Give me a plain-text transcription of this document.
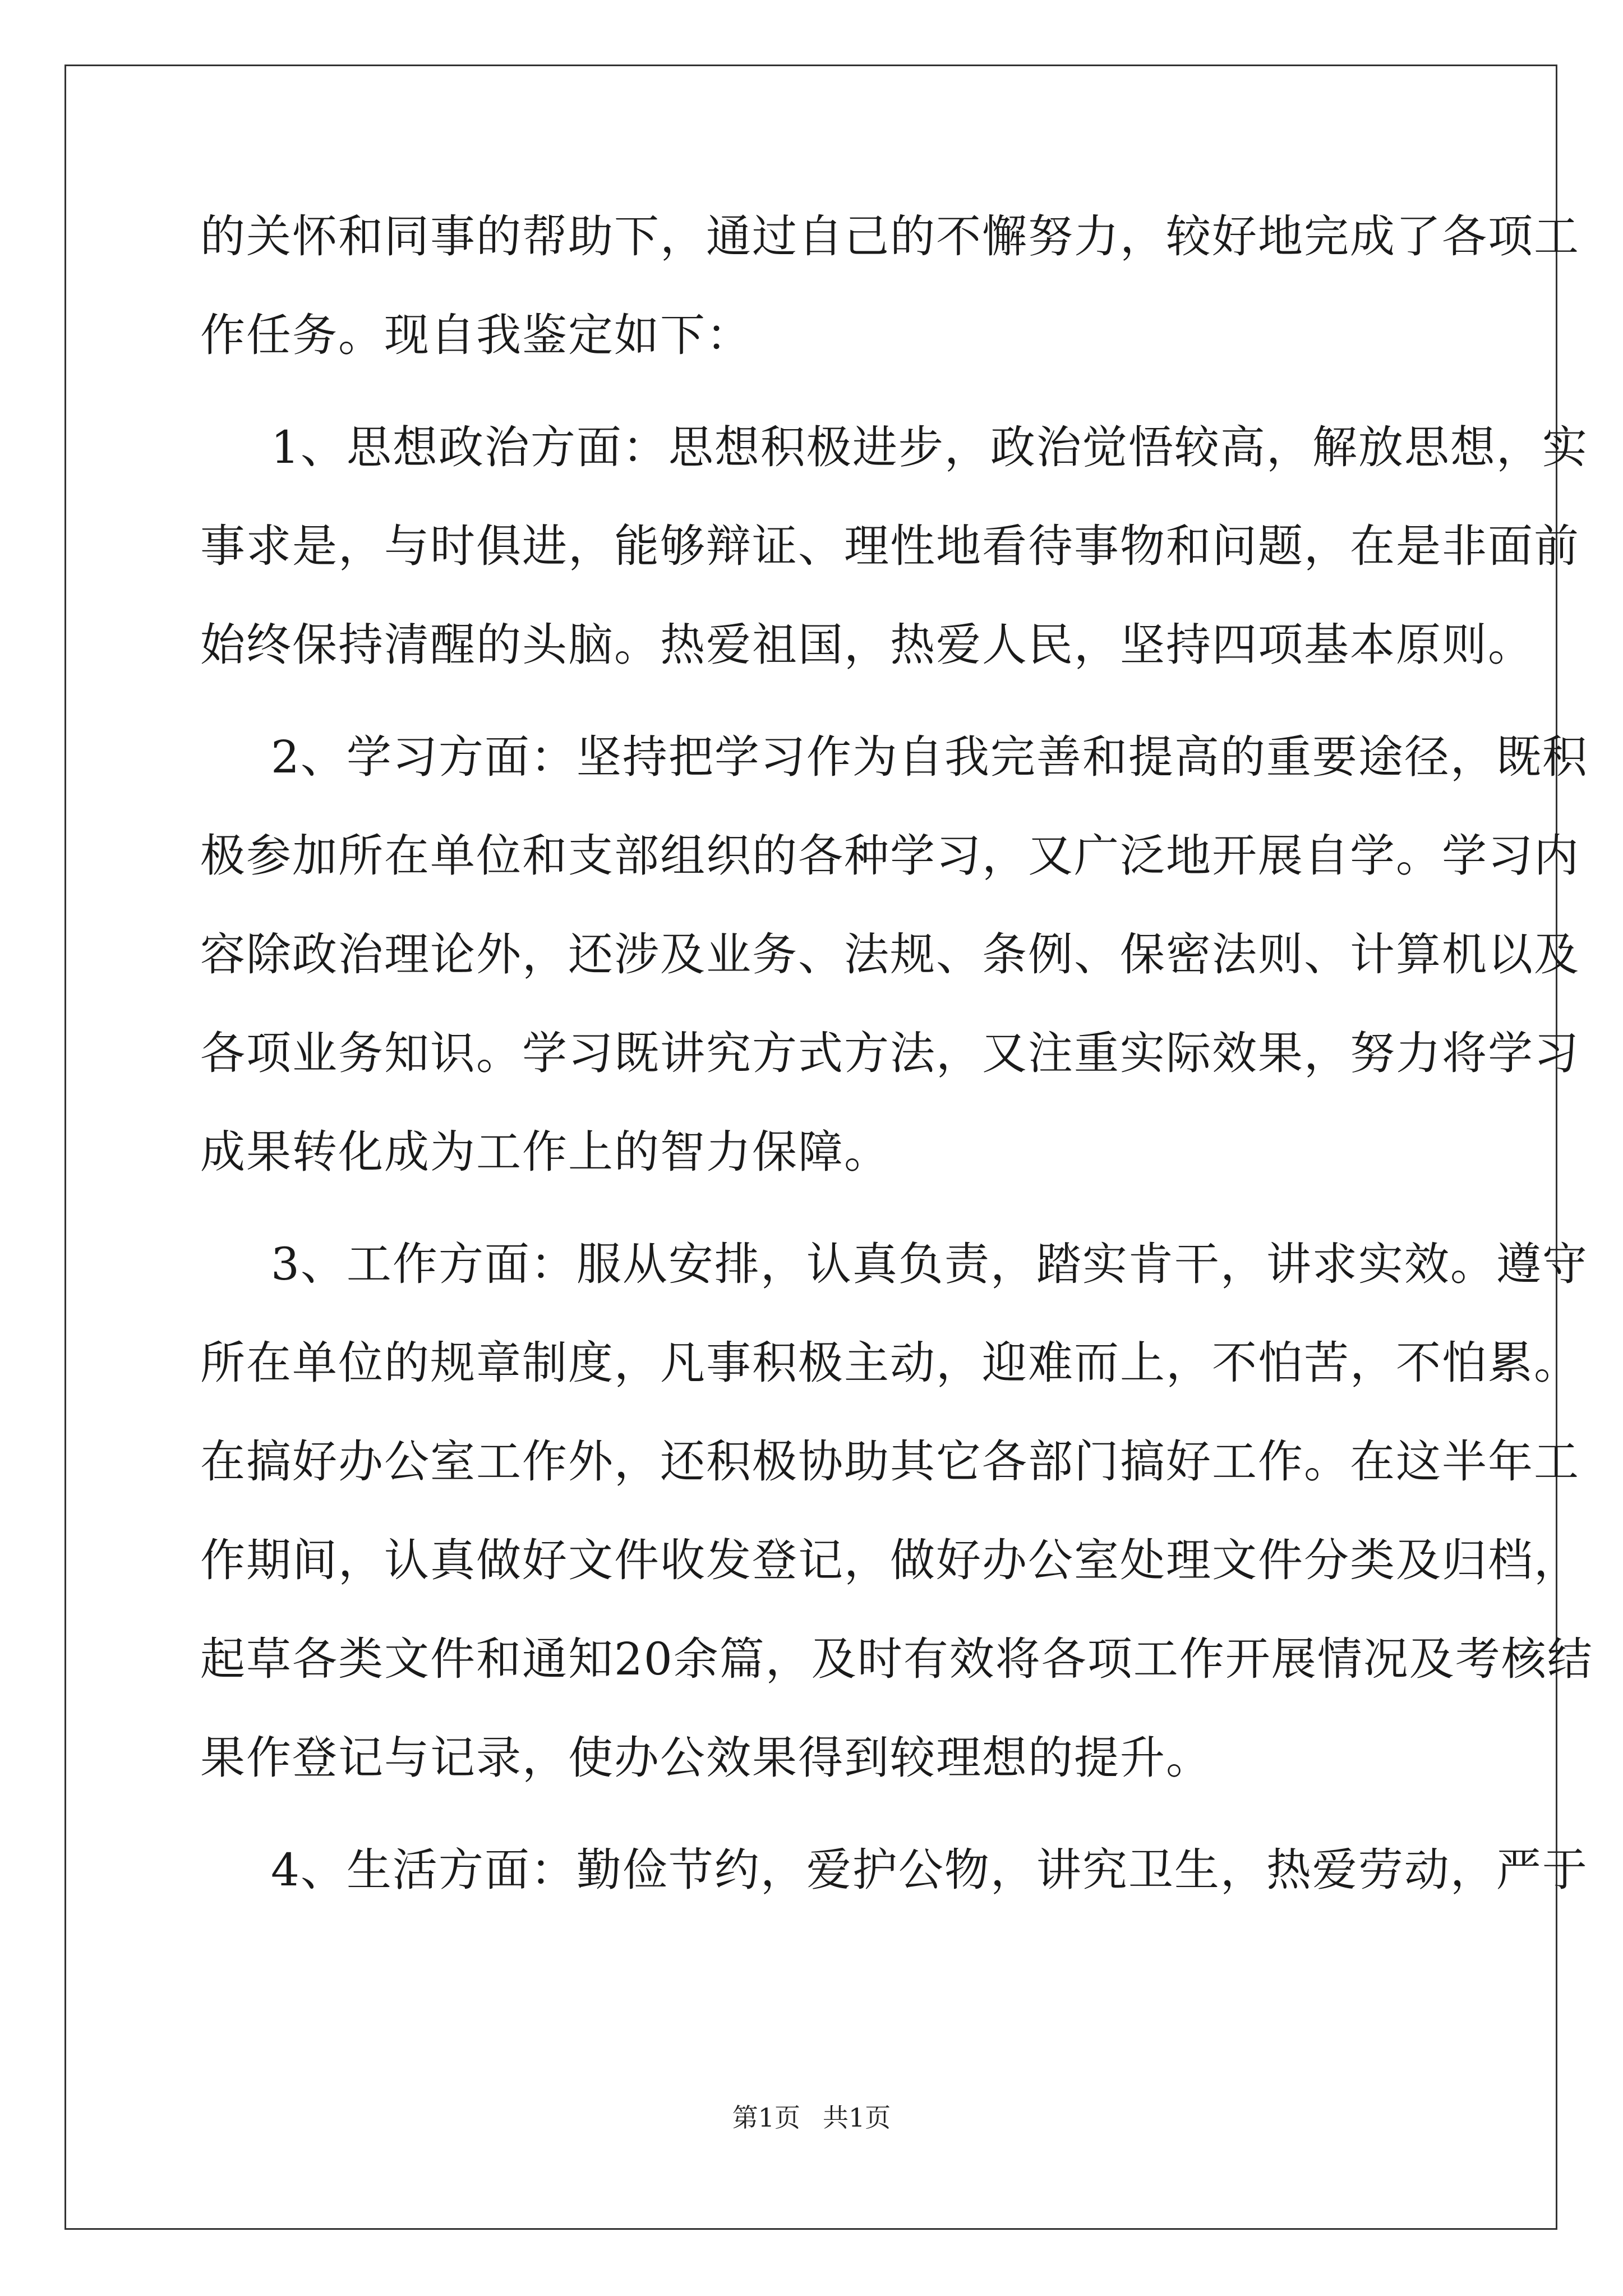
的关怀和同事的帮助下，通过自己的不懈努力，较好地完成了各项工
作任务。现自我鉴定如下：
1、思想政治方面：思想积极进步，政治觉悟较高，解放思想，实
事求是，与时俱进，能够辩证、理性地看待事物和问题，在是非面前
始终保持清醒的头脑。热爱祖国，热爱人民，坚持四项基本原则。
2、学习方面：坚持把学习作为自我完善和提高的重要途径，既积
极参加所在单位和支部组织的各种学习，又广泛地开展自学。学习内
容除政治理论外，还涉及业务、法规、条例、保密法则、计算机以及
各项业务知识。学习既讲究方式方法，又注重实际效果，努力将学习
成果转化成为工作上的智力保障。
3、工作方面：服从安排，认真负责，踏实肯干，讲求实效。遵守
所在单位的规章制度，凡事积极主动，迎难而上，不怕苦，不怕累。
在搞好办公室工作外，还积极协助其它各部门搞好工作。在这半年工
作期间，认真做好文件收发登记，做好办公室处理文件分类及归档，
起草各类文件和通知20余篇，及时有效将各项工作开展情况及考核结
果作登记与记录，使办公效果得到较理想的提升。
4、生活方面：勤俭节约，爱护公物，讲究卫生，热爱劳动，严于
第1页 共1页
